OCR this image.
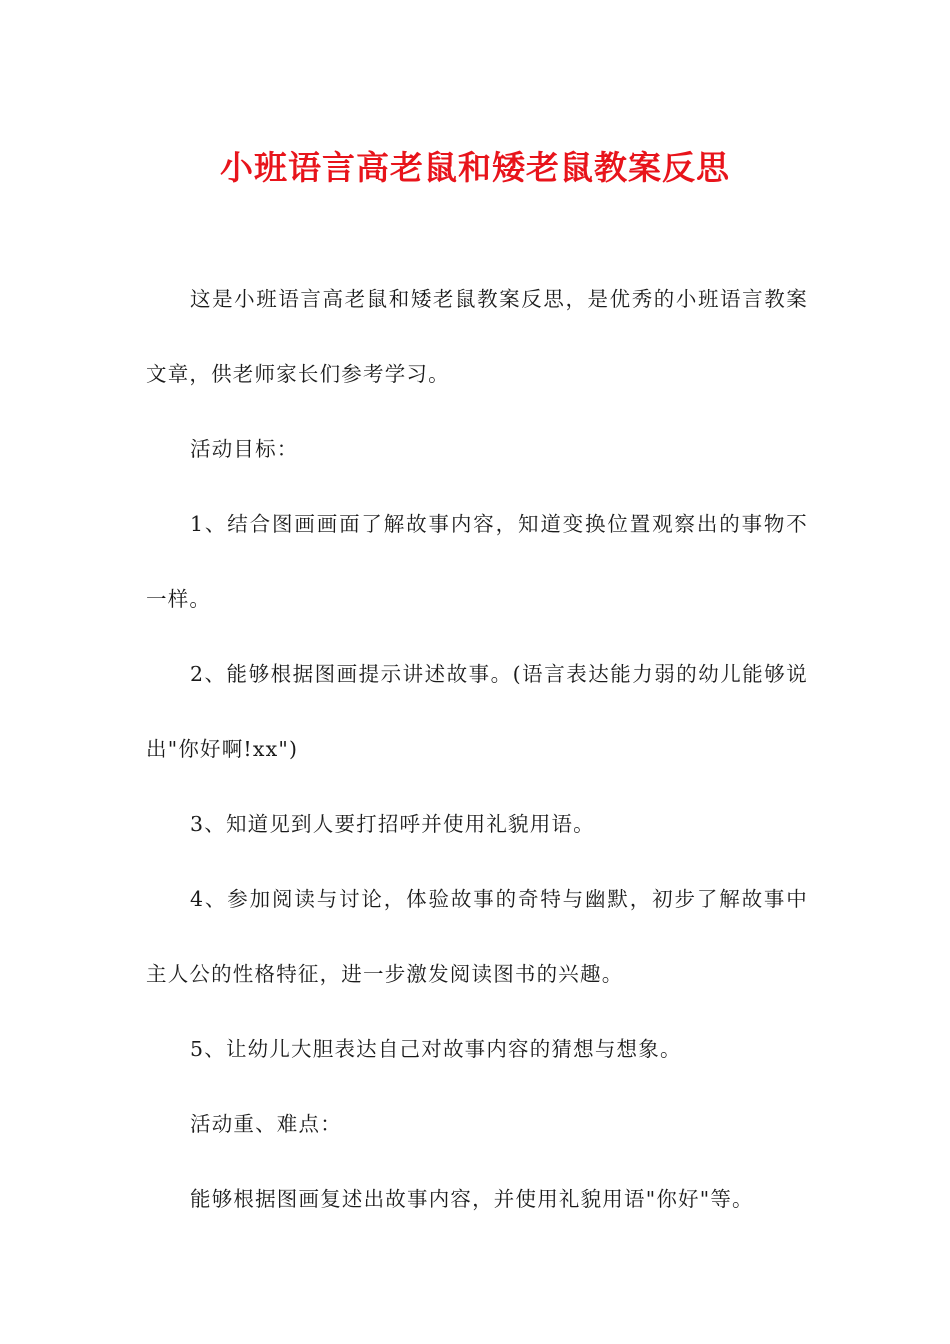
小班语言高老鼠和矮老鼠教案反思

这是小班语言高老鼠和矮老鼠教案反思，是优秀的小班语言教案文章，供老师家长们参考学习。

活动目标：

1、结合图画画面了解故事内容，知道变换位置观察出的事物不一样。

2、能够根据图画提示讲述故事。(语言表达能力弱的幼儿能够说出"你好啊!xx")

3、知道见到人要打招呼并使用礼貌用语。

4、参加阅读与讨论，体验故事的奇特与幽默，初步了解故事中主人公的性格特征，进一步激发阅读图书的兴趣。

5、让幼儿大胆表达自己对故事内容的猜想与想象。

活动重、难点：

能够根据图画复述出故事内容，并使用礼貌用语"你好"等。
